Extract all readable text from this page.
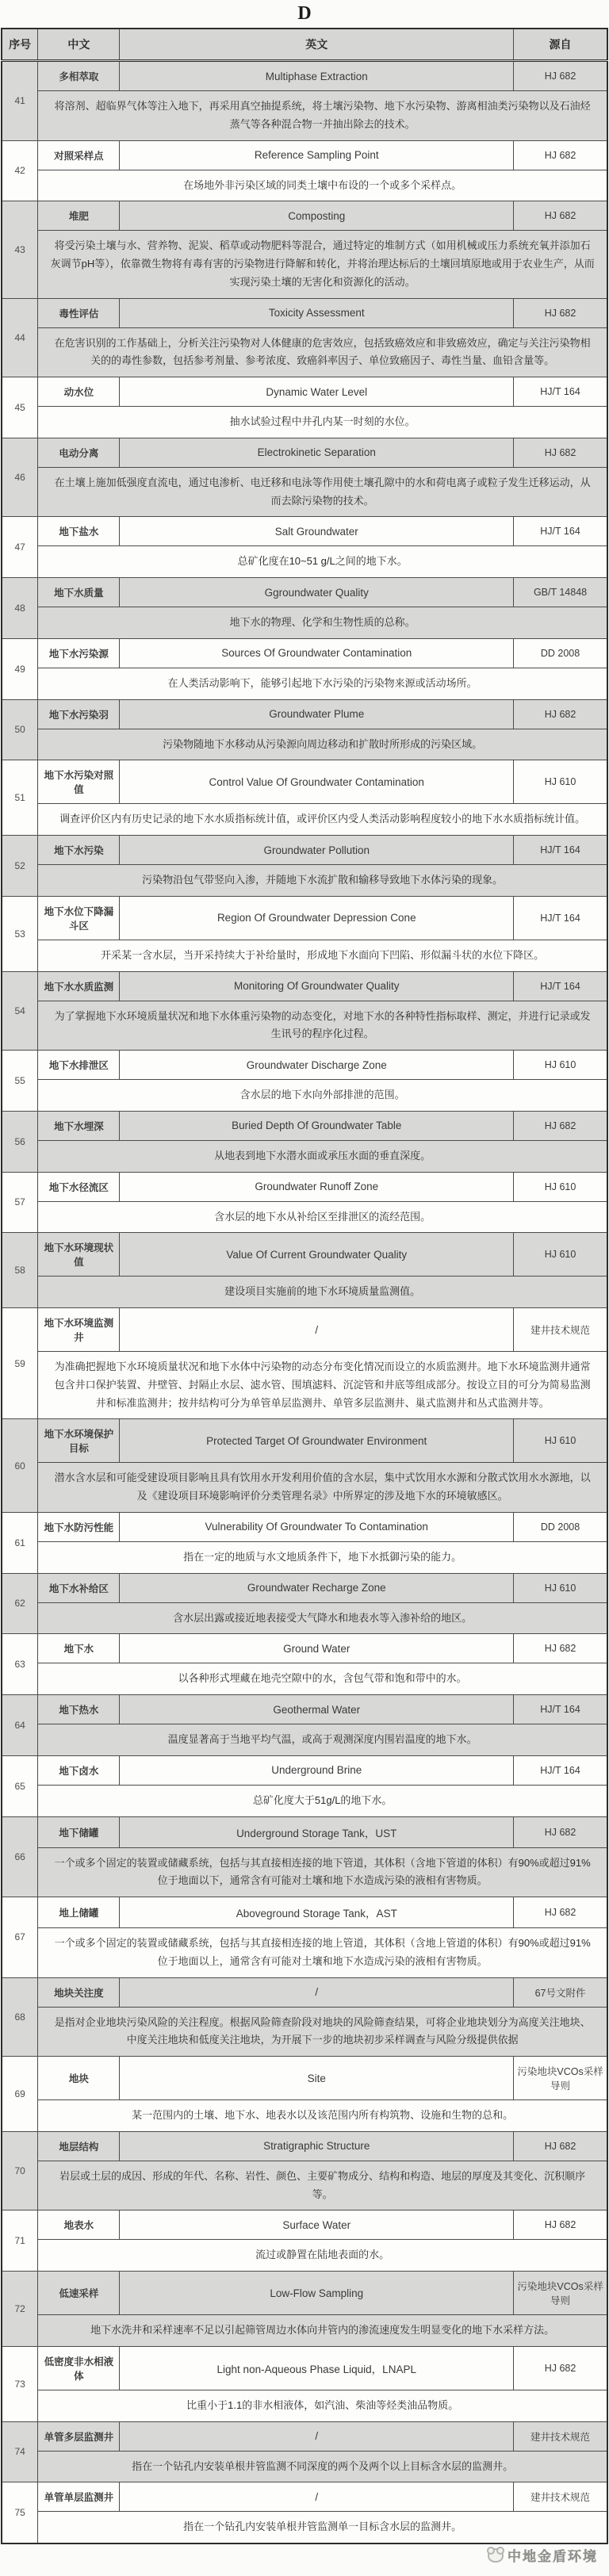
D
序号	中文	英文	源自
41	多相萃取	Multiphase Extraction	HJ 682
	将溶剂、超临界气体等注入地下，再采用真空抽提系统，将土壤污染物、地下水污染物、游离相油类污染物以及石油烃蒸气等各种混合物一并抽出除去的技术。		
42	对照采样点	Reference Sampling Point	HJ 682
	在场地外非污染区域的同类土壤中布设的一个或多个采样点。		
43	堆肥	Composting	HJ 682
	将受污染土壤与水、营养物、泥炭、稻草或动物肥料等混合，通过特定的堆制方式（如用机械或压力系统充氧并添加石灰调节pH等），依靠微生物将有毒有害的污染物进行降解和转化，并将治理达标后的土壤回填原地或用于农业生产，从而实现污染土壤的无害化和资源化的活动。		
44	毒性评估	Toxicity Assessment	HJ 682
	在危害识别的工作基础上，分析关注污染物对人体健康的危害效应，包括致癌效应和非致癌效应，确定与关注污染物相关的的毒性参数，包括参考剂量、参考浓度、致癌斜率因子、单位致癌因子、毒性当量、血铅含量等。		
45	动水位	Dynamic Water Level	HJ/T 164
	抽水试验过程中井孔内某一时刻的水位。		
46	电动分离	Electrokinetic Separation	HJ 682
	在土壤上施加低强度直流电，通过电渗析、电迁移和电泳等作用使土壤孔隙中的水和荷电离子或粒子发生迁移运动，从而去除污染物的技术。		
47	地下盐水	Salt Groundwater	HJ/T 164
	总矿化度在10~51 g/L之间的地下水。		
48	地下水质量	Ggroundwater Quality	GB/T 14848
	地下水的物理、化学和生物性质的总称。		
49	地下水污染源	Sources Of Groundwater Contamination	DD 2008
	在人类活动影响下，能够引起地下水污染的污染物来源或活动场所。		
50	地下水污染羽	Groundwater Plume	HJ 682
	污染物随地下水移动从污染源向周边移动和扩散时所形成的污染区域。		
51	地下水污染对照值	Control Value Of Groundwater Contamination	HJ 610
	调查评价区内有历史记录的地下水水质指标统计值，或评价区内受人类活动影响程度较小的地下水水质指标统计值。		
52	地下水污染	Groundwater Pollution	HJ/T 164
	污染物沿包气带竖向入渗，并随地下水流扩散和输移导致地下水体污染的现象。		
53	地下水位下降漏斗区	Region Of Groundwater Depression Cone	HJ/T 164
	开采某一含水层，当开采持续大于补给量时，形成地下水面向下凹陷、形似漏斗状的水位下降区。		
54	地下水水质监测	Monitoring Of Groundwater Quality	HJ/T 164
	为了掌握地下水环境质量状况和地下水体重污染物的动态变化，对地下水的各种特性指标取样、测定，并进行记录或发生讯号的程序化过程。		
55	地下水排泄区	Groundwater Discharge Zone	HJ 610
	含水层的地下水向外部排泄的范围。		
56	地下水埋深	Buried Depth Of Groundwater Table	HJ 682
	从地表到地下水潜水面或承压水面的垂直深度。		
57	地下水径流区	Groundwater Runoff Zone	HJ 610
	含水层的地下水从补给区至排泄区的流经范围。		
58	地下水环境现状值	Value Of Current Groundwater Quality	HJ 610
	建设项目实施前的地下水环境质量监测值。		
59	地下水环境监测井	/	建井技术规范
	为准确把握地下水环境质量状况和地下水体中污染物的动态分布变化情况而设立的水质监测井。地下水环境监测井通常包含井口保护装置、井壁管、封隔止水层、滤水管、围填滤料、沉淀管和井底等组成部分。按设立目的可分为简易监测井和标准监测井；按井结构可分为单管单层监测井、单管多层监测井、巢式监测井和丛式监测井等。		
60	地下水环境保护目标	Protected Target Of Groundwater Environment	HJ 610
	潜水含水层和可能受建设项目影响且具有饮用水开发利用价值的含水层，集中式饮用水水源和分散式饮用水水源地，以及《建设项目环境影响评价分类管理名录》中所界定的涉及地下水的环境敏感区。		
61	地下水防污性能	Vulnerability Of Groundwater To Contamination	DD 2008
	指在一定的地质与水文地质条件下，地下水抵御污染的能力。		
62	地下水补给区	Groundwater Recharge Zone	HJ 610
	含水层出露或接近地表接受大气降水和地表水等入渗补给的地区。		
63	地下水	Ground Water	HJ 682
	以各种形式埋藏在地壳空隙中的水，含包气带和饱和带中的水。		
64	地下热水	Geothermal Water	HJ/T 164
	温度显著高于当地平均气温，或高于观测深度内围岩温度的地下水。		
65	地下卤水	Underground Brine	HJ/T 164
	总矿化度大于51g/L的地下水。		
66	地下储罐	Underground Storage Tank，UST	HJ 682
	一个或多个固定的装置或储藏系统，包括与其直接相连接的地下管道，其体积（含地下管道的体积）有90%或超过91%位于地面以下，通常含有可能对土壤和地下水造成污染的液相有害物质。		
67	地上储罐	Aboveground Storage Tank，AST	HJ 682
	一个或多个固定的装置或储藏系统，包括与其直接相连接的地上管道，其体积（含地上管道的体积）有90%或超过91%位于地面以上，通常含有可能对土壤和地下水造成污染的液相有害物质。		
68	地块关注度	/	67号文附件
	是指对企业地块污染风险的关注程度。根据风险筛查阶段对地块的风险筛查结果，可将企业地块划分为高度关注地块、中度关注地块和低度关注地块，为开展下一步的地块初步采样调查与风险分级提供依据		
69	地块	Site	污染地块VCOs采样导则
	某一范围内的土壤、地下水、地表水以及该范围内所有构筑物、设施和生物的总和。		
70	地层结构	Stratigraphic Structure	HJ 682
	岩层或土层的成因、形成的年代、名称、岩性、颜色、主要矿物成分、结构和构造、地层的厚度及其变化、沉积顺序等。		
71	地表水	Surface Water	HJ 682
	流过或静置在陆地表面的水。		
72	低速采样	Low-Flow Sampling	污染地块VCOs采样导则
	地下水洗井和采样速率不足以引起筛管周边水体向井管内的渗流速度发生明显变化的地下水采样方法。		
73	低密度非水相液体	Light non-Aqueous Phase Liquid，LNAPL	HJ 682
	比重小于1.1的非水相液体，如汽油、柴油等烃类油品物质。		
74	单管多层监测井	/	建井技术规范
	指在一个钻孔内安装单根井管监测不同深度的两个及两个以上目标含水层的监测井。		
75	单管单层监测井	/	建井技术规范
	指在一个钻孔内安装单根井管监测单一目标含水层的监测井。		
中地金盾环境
